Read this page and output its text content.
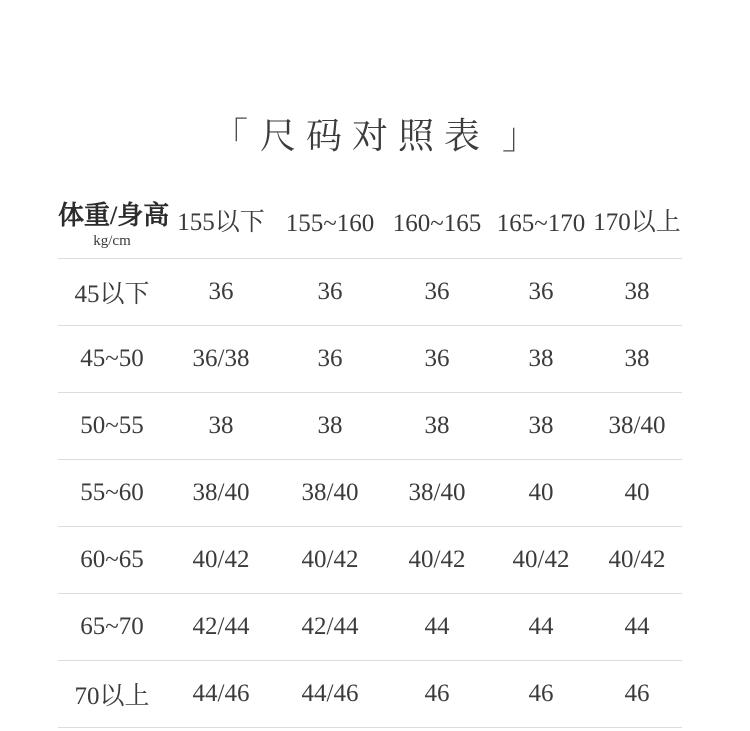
「 尺码对照表 」
体重/身高
kg/cm	155以下	155~160	160~165	165~170	170以上
45以下	36	36	36	36	38
45~50	36/38	36	36	38	38
50~55	38	38	38	38	38/40
55~60	38/40	38/40	38/40	40	40
60~65	40/42	40/42	40/42	40/42	40/42
65~70	42/44	42/44	44	44	44
70以上	44/46	44/46	46	46	46
